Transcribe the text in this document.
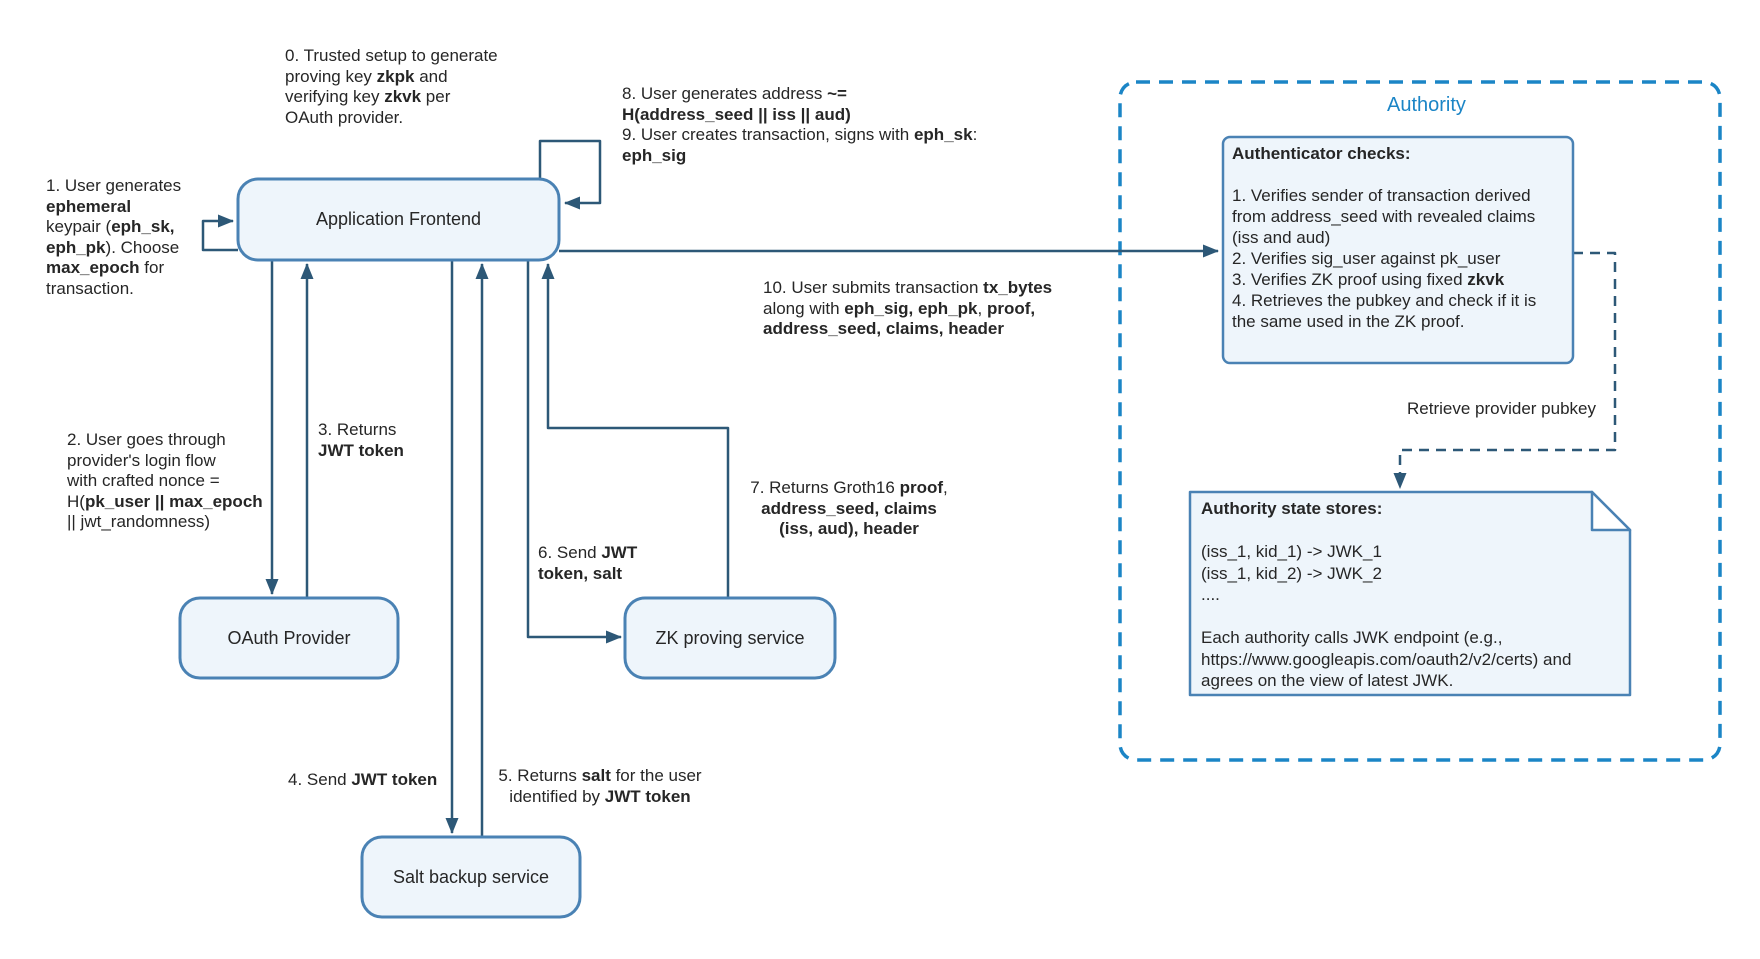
Application Frontend
OAuth Provider	ZK proving service
Salt backup service
Authority
Authenticator checks:

1. Verifies sender of transaction derived
from address_seed with revealed claims
(iss and aud)
2. Verifies sig_user against pk_user
3. Verifies ZK proof using fixed zkvk
4. Retrieves the pubkey and check if it is
the same used in the ZK proof.
Authority state stores:

(iss_1, kid_1) -> JWK_1
(iss_1, kid_2) -> JWK_2
....

Each authority calls JWK endpoint (e.g.,
https://www.googleapis.com/oauth2/v2/certs) and
agrees on the view of latest JWK.
0. Trusted setup to generate
proving key zkpk and
verifying key zkvk per
OAuth provider.
1. User generates
ephemeral
keypair (eph_sk,
eph_pk). Choose
max_epoch for
transaction.
2. User goes through
provider's login flow
with crafted nonce =
H(pk_user || max_epoch
|| jwt_randomness)
3. Returns
JWT token
4. Send JWT token	5. Returns salt for the user
identified by JWT token
6. Send JWT
token, salt
7. Returns Groth16 proof,
address_seed, claims
(iss, aud), header
8. User generates address ~=
H(address_seed || iss || aud)
9. User creates transaction, signs with eph_sk:
eph_sig
10. User submits transaction tx_bytes
along with eph_sig, eph_pk, proof,
address_seed, claims, header
Retrieve provider pubkey
